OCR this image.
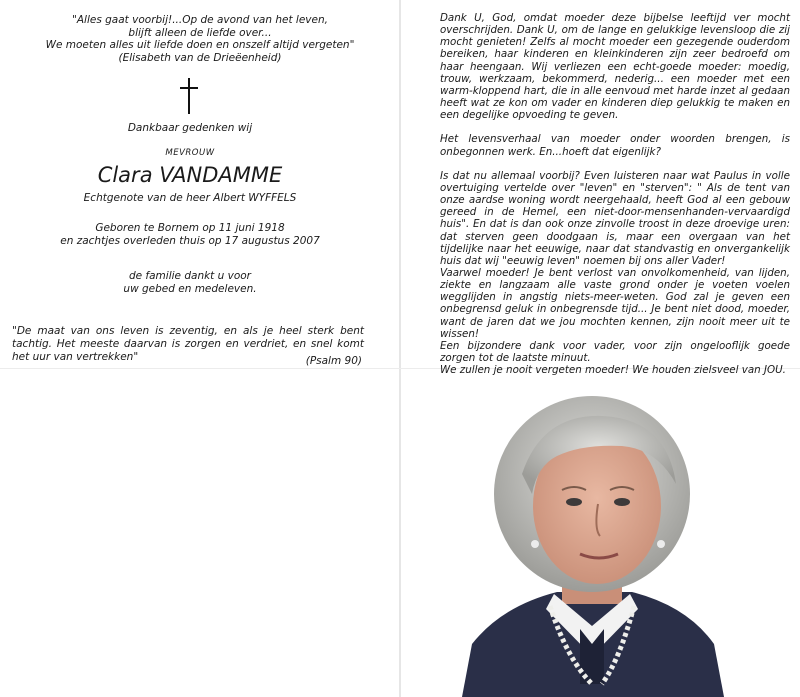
"Alles gaat voorbij!...Op de avond van het leven,
blijft alleen de liefde over...
We moeten alles uit liefde doen en onszelf altijd vergeten"
(Elisabeth van de Drieëenheid)
Dankbaar gedenken wij
MEVROUW
Clara VANDAMME
Echtgenote van de heer Albert WYFFELS
Geboren te Bornem op 11 juni 1918
en zachtjes overleden thuis op 17 augustus 2007
de familie dankt u voor
uw gebed en medeleven.
"De maat van ons leven is zeventig, en als je heel sterk bent tachtig. Het meeste daarvan is zorgen en verdriet, en snel komt het uur van vertrekken"	(Psalm 90)

Dank U, God, omdat moeder deze bijbelse leeftijd ver mocht overschrijden. Dank U, om de lange en gelukkige levensloop die zij mocht genieten! Zelfs al mocht moeder een gezegende ouderdom bereiken, haar kinderen en kleinkinderen zijn zeer bedroefd om haar heengaan. Wij verliezen een echt-goede moeder: moedig, trouw, werkzaam, bekommerd, nederig... een moeder met een warm-kloppend hart, die in alle eenvoud met harde inzet al gedaan heeft wat ze kon om vader en kinderen diep gelukkig te maken en een degelijke opvoeding te geven.

Het levensverhaal van moeder onder woorden brengen, is onbegonnen werk. En...hoeft dat eigenlijk?

Is dat nu allemaal voorbij? Even luisteren naar wat Paulus in volle overtuiging vertelde over "leven" en "sterven": " Als de tent van onze aardse woning wordt neergehaald, heeft God al een gebouw gereed in de Hemel, een niet-door-mensenhanden-vervaardigd huis". En dat is dan ook onze zinvolle troost in deze droevige uren: dat sterven geen doodgaan is, maar een overgaan van het tijdelijke naar het eeuwige, naar dat standvastig en onvergankelijk huis dat wij "eeuwig leven" noemen bij ons aller Vader!

Vaarwel moeder! Je bent verlost van onvolkomenheid, van lijden, ziekte en langzaam alle vaste grond onder je voeten voelen wegglijden in angstig niets-meer-weten. God zal je geven een onbegrensd geluk in onbegrensde tijd... Je bent niet dood, moeder, want de jaren dat we jou mochten kennen, zijn nooit meer uit te wissen!

Een bijzondere dank voor vader, voor zijn ongelooflijk goede zorgen tot de laatste minuut.

We zullen je nooit vergeten moeder! We houden zielsveel van JOU.
